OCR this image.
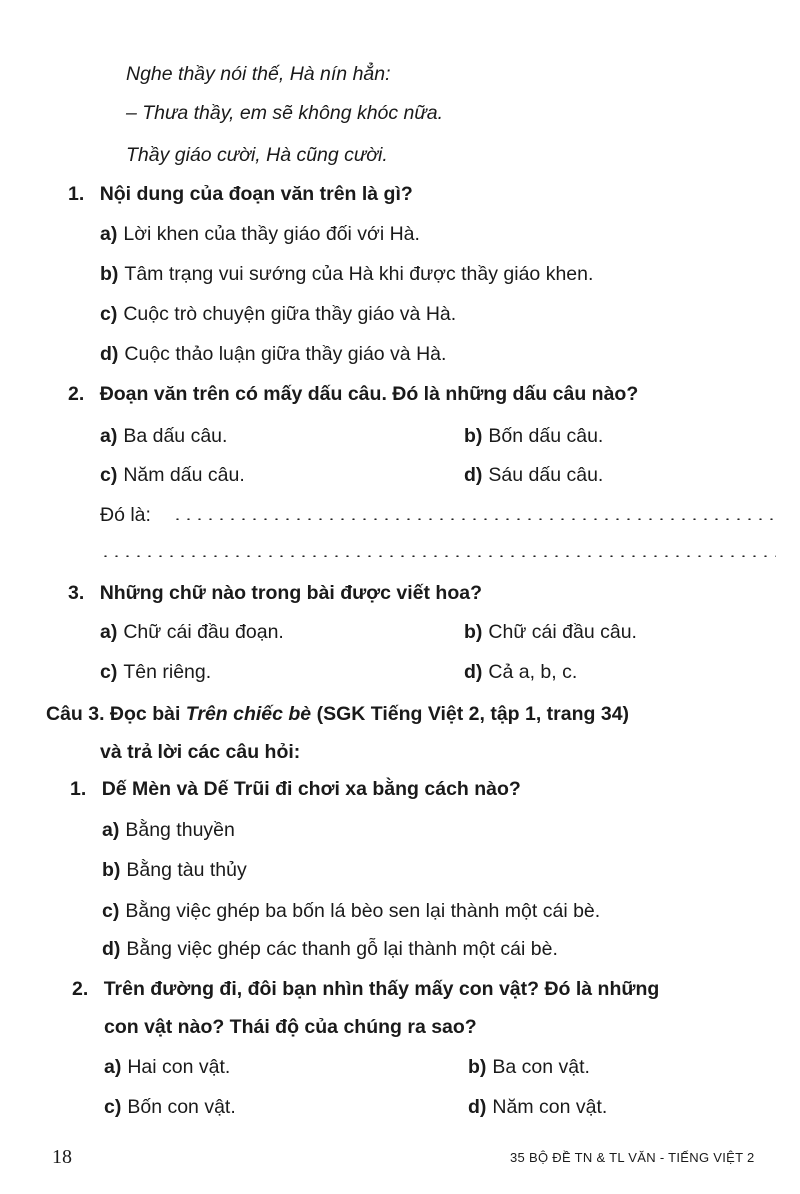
Nghe thầy nói thế, Hà nín hẳn:
– Thưa thầy, em sẽ không khóc nữa.
Thầy giáo cười, Hà cũng cười.
1. Nội dung của đoạn văn trên là gì?
a) Lời khen của thầy giáo đối với Hà.
b) Tâm trạng vui sướng của Hà khi được thầy giáo khen.
c) Cuộc trò chuyện giữa thầy giáo và Hà.
d) Cuộc thảo luận giữa thầy giáo và Hà.
2. Đoạn văn trên có mấy dấu câu. Đó là những dấu câu nào?
a) Ba dấu câu.	b) Bốn dấu câu.
c) Năm dấu câu.	d) Sáu dấu câu.
Đó là:
3. Những chữ nào trong bài được viết hoa?
a) Chữ cái đầu đoạn.	b) Chữ cái đầu câu.
c) Tên riêng.	d) Cả a, b, c.
Câu 3. Đọc bài Trên chiếc bè (SGK Tiếng Việt 2, tập 1, trang 34)
và trả lời các câu hỏi:
1. Dế Mèn và Dế Trũi đi chơi xa bằng cách nào?
a) Bằng thuyền
b) Bằng tàu thủy
c) Bằng việc ghép ba bốn lá bèo sen lại thành một cái bè.
d) Bằng việc ghép các thanh gỗ lại thành một cái bè.
2. Trên đường đi, đôi bạn nhìn thấy mấy con vật? Đó là những
con vật nào? Thái độ của chúng ra sao?
a) Hai con vật.	b) Ba con vật.
c) Bốn con vật.	d) Năm con vật.
18	35 BỘ ĐỀ TN & TL VĂN - TIẾNG VIỆT 2
